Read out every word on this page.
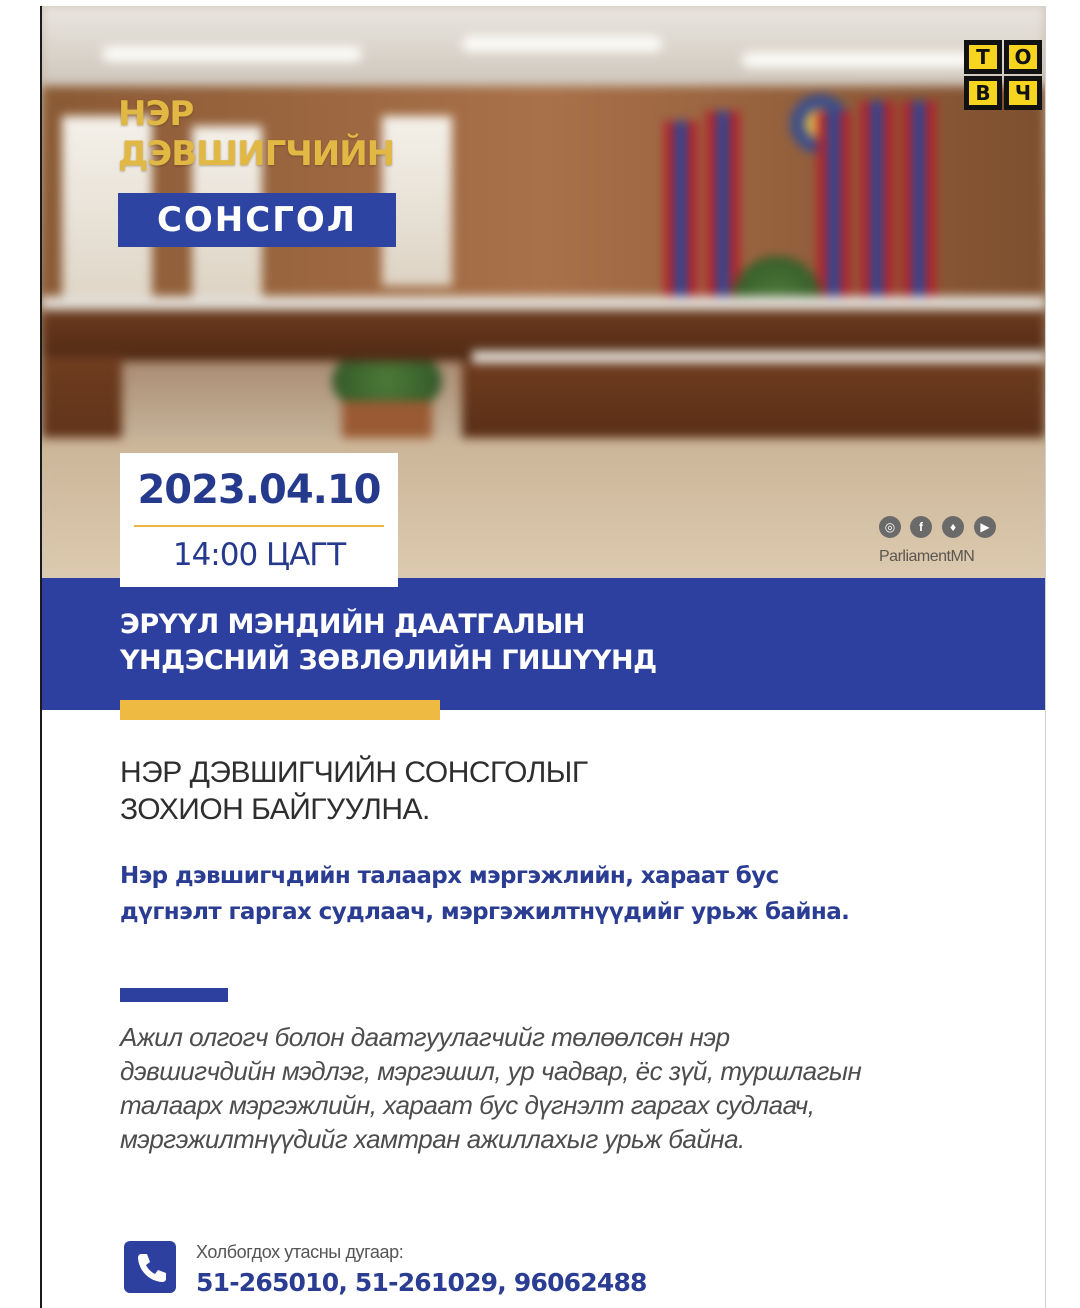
НЭР
ДЭВШИГЧИЙН
СОНСГОЛ
2023.04.10
14:00 ЦАГТ
◎	f	♦	▶
ParliamentMN
ЭРҮҮЛ МЭНДИЙН ДААТГАЛЫН
ҮНДЭСНИЙ ЗӨВЛӨЛИЙН ГИШҮҮНД
НЭР ДЭВШИГЧИЙН СОНСГОЛЫГ
ЗОХИОН БАЙГУУЛНА.
Нэр дэвшигчдийн талаарх мэргэжлийн, хараат бус
дүгнэлт гаргах судлаач, мэргэжилтнүүдийг урьж байна.
Ажил олгогч болон даатгуулагчийг төлөөлсөн нэр
дэвшигчдийн мэдлэг, мэргэшил, ур чадвар, ёс зүй, туршлагын
талаарх мэргэжлийн, хараат бус дүгнэлт гаргах судлаач,
мэргэжилтнүүдийг хамтран ажиллахыг урьж байна.
Холбогдох утасны дугаар:
51-265010, 51-261029, 96062488
Т	О
В	Ч
